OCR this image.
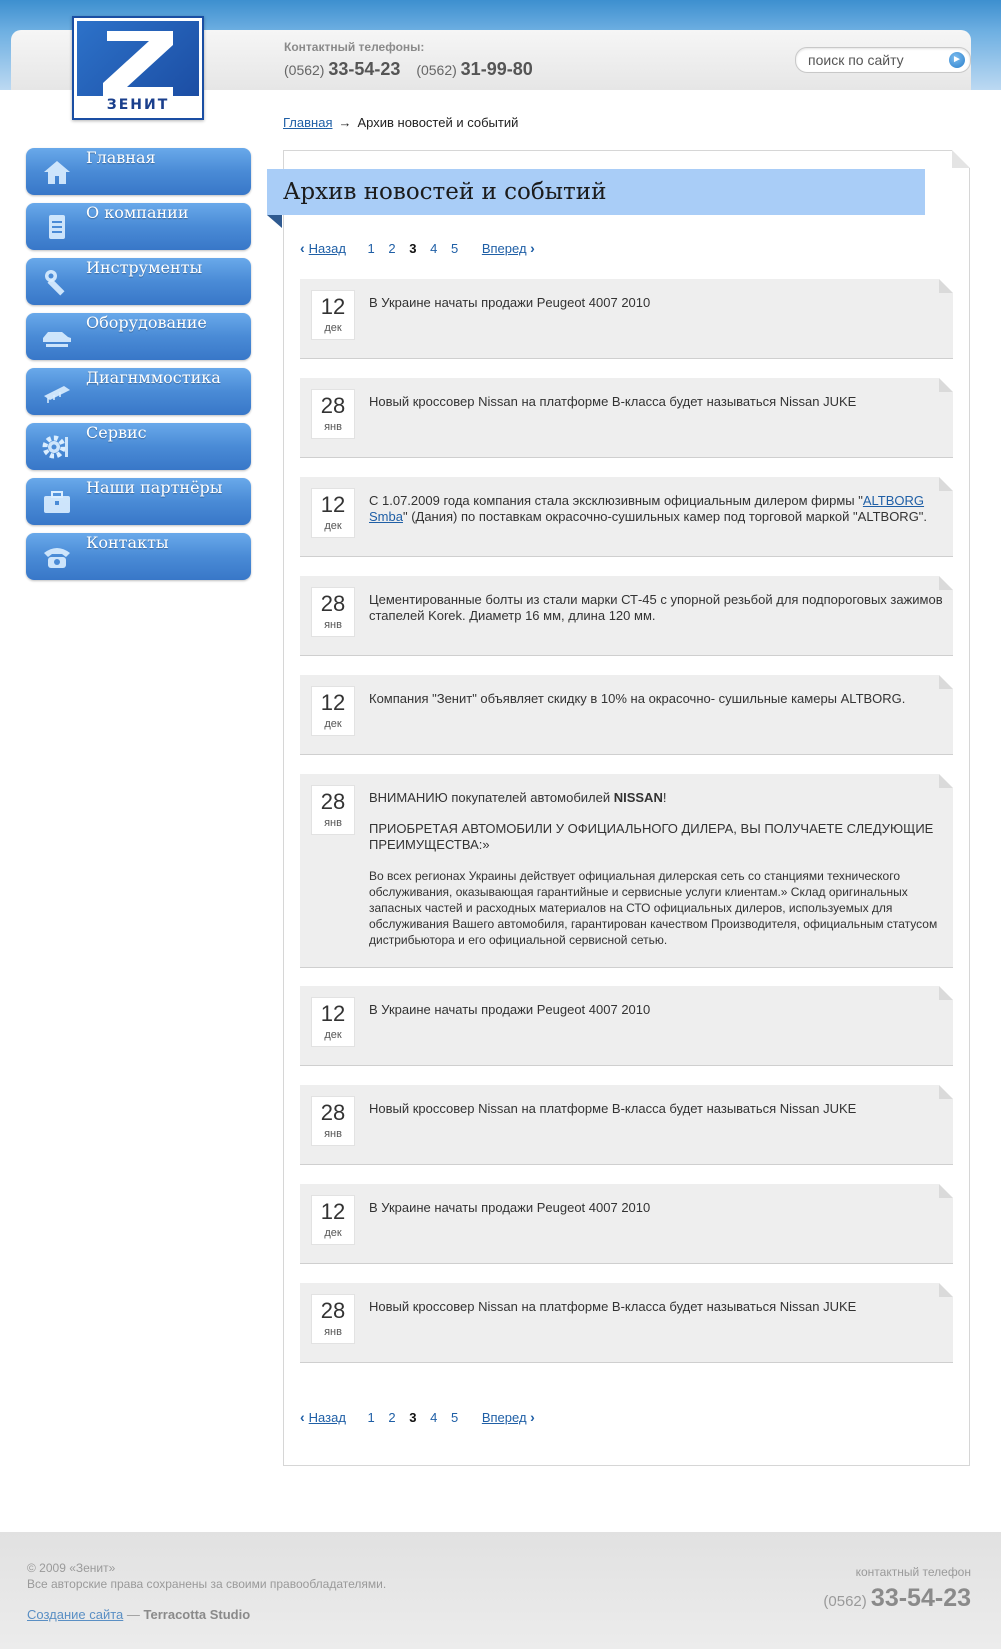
ЗЕНИТ
Контактный телефоны:
(0562) 33-54-23 (0562) 31-99-80
поиск по сайту	►
Главная
О компании
Инструменты
Оборудование
Диагнммостика
Сервис
Наши партнёры
Контакты
Главная → Архив новостей и событий
Архив новостей и событий
‹ Назад 1 2 3 4 5 Вперед ›
12
дек
В Украине начаты продажи Peugeot 4007 2010
28
янв
Новый кроссовер Nissan на платформе B-класса будет называться Nissan JUKE
12
дек
С 1.07.2009 года компания стала эксклюзивным официальным дилером фирмы "ALTBORG Smba" (Дания) по поставкам окрасочно-сушильных камер под торговой маркой "ALTBORG".
28
янв
Цементированные болты из стали марки СТ-45 с упорной резьбой для подпороговых зажимов стапелей Korek. Диаметр 16 мм, длина 120 мм.
12
дек
Компания "Зенит" объявляет скидку в 10% на окрасочно- сушильные камеры ALTBORG.
28
янв

ВНИМАНИЮ покупателей автомобилей NISSAN!

ПРИОБРЕТАЯ АВТОМОБИЛИ У ОФИЦИАЛЬНОГО ДИЛЕРА, ВЫ ПОЛУЧАЕТЕ СЛЕДУЮЩИЕ ПРЕИМУЩЕСТВА:»

Во всех регионах Украины действует официальная дилерская сеть со станциями технического обслуживания, оказывающая гарантийные и сервисные услуги клиентам.» Склад оригинальных запасных частей и расходных материалов на СТО официальных дилеров, используемых для обслуживания Вашего автомобиля, гарантирован качеством Производителя, официальным статусом дистрибьютора и его официальной сервисной сетью.

12
дек
В Украине начаты продажи Peugeot 4007 2010
28
янв
Новый кроссовер Nissan на платформе B-класса будет называться Nissan JUKE
12
дек
В Украине начаты продажи Peugeot 4007 2010
28
янв
Новый кроссовер Nissan на платформе B-класса будет называться Nissan JUKE
‹ Назад 1 2 3 4 5 Вперед ›
© 2009 «Зенит»
Все авторские права сохранены за своими правообладателями.
Создание сайта — Terracotta Studio
контактный телефон
(0562) 33-54-23
